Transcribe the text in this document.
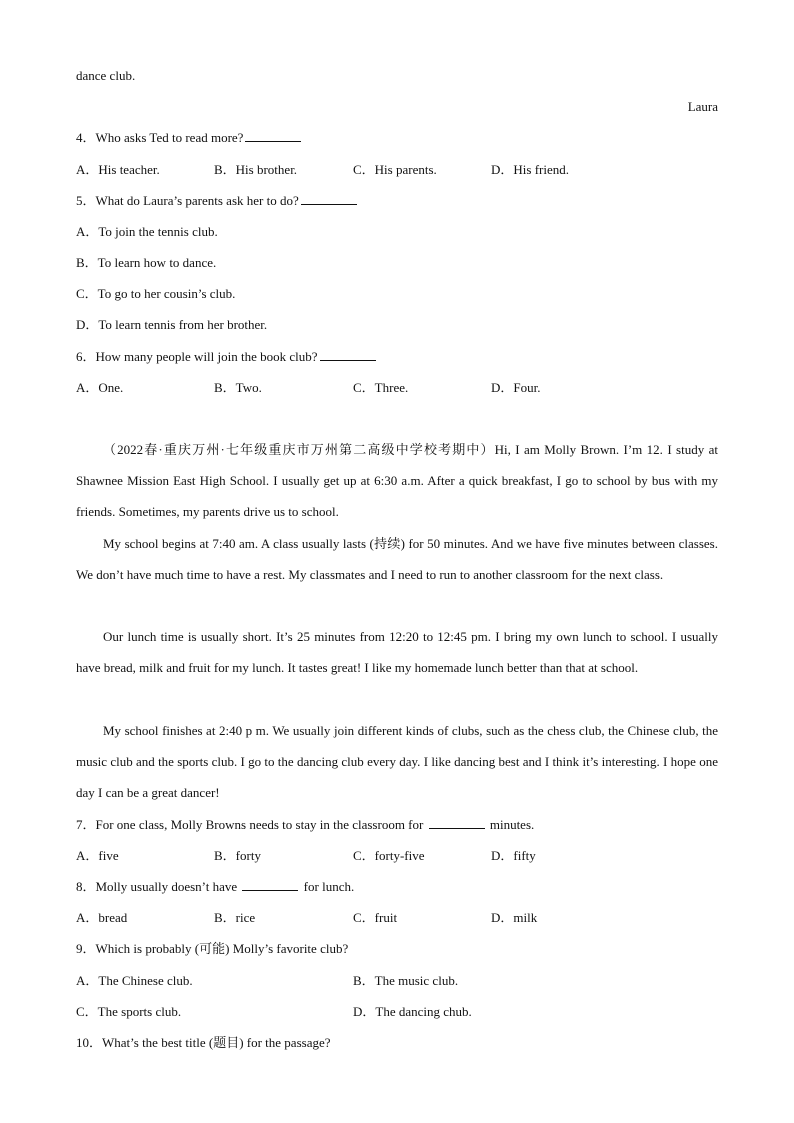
dance club.
Laura
4．Who asks Ted to read more?
A．His teacher.	B．His brother.	C．His parents.	D．His friend.
5．What do Laura’s parents ask her to do?
A．To join the tennis club.
B．To learn how to dance.
C．To go to her cousin’s club.
D．To learn tennis from her brother.
6．How many people will join the book club?
A．One.	B．Two.	C．Three.	D．Four.
（2022春·重庆万州·七年级重庆市万州第二高级中学校考期中）Hi, I am Molly Brown. I’m 12. I study at Shawnee Mission East High School. I usually get up at 6:30 a.m. After a quick breakfast, I go to school by bus with my friends. Sometimes, my parents drive us to school.
My school begins at 7:40 am. A class usually lasts (持续) for 50 minutes. And we have five minutes between classes. We don’t have much time to have a rest. My classmates and I need to run to another classroom for the next class.
Our lunch time is usually short. It’s 25 minutes from 12:20 to 12:45 pm. I bring my own lunch to school. I usually have bread, milk and fruit for my lunch. It tastes great! I like my homemade lunch better than that at school.
My school finishes at 2:40 p m. We usually join different kinds of clubs, such as the chess club, the Chinese club, the music club and the sports club. I go to the dancing club every day. I like dancing best and I think it’s interesting. I hope one day I can be a great dancer!
7．For one class, Molly Browns needs to stay in the classroom for	minutes.
A．five	B．forty	C．forty-five	D．fifty
8．Molly usually doesn’t have	for lunch.
A．bread	B．rice	C．fruit	D．milk
9．Which is probably (可能) Molly’s favorite club?
A．The Chinese club.	B．The music club.
C．The sports club.	D．The dancing chub.
10．What’s the best title (题目) for the passage?
